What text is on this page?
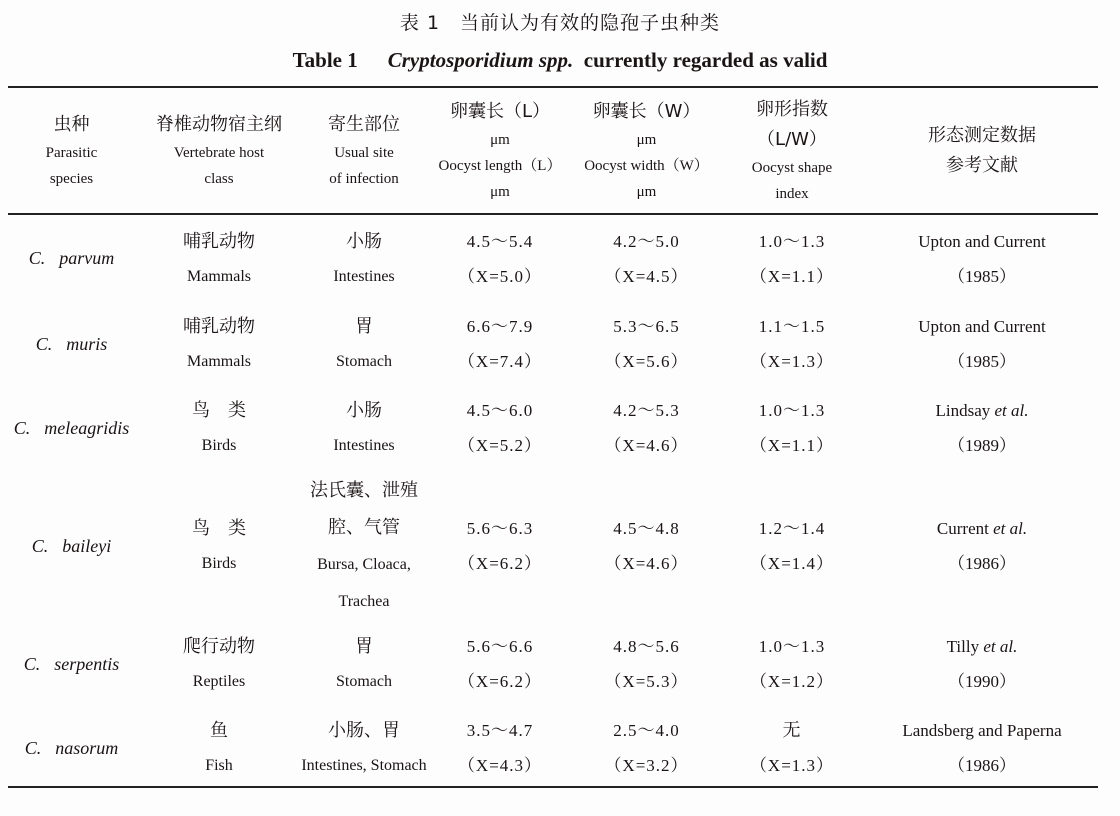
表 1　当前认为有效的隐孢子虫种类
Table 1 Cryptosporidium spp. currently regarded as valid
虫种
Parasitic
species
脊椎动物宿主纲
Vertebrate host
class
寄生部位
Usual site
of infection
卵囊长（L）
μm
Oocyst length（L）
μm
卵囊长（W）
μm
Oocyst width（W）
μm
卵形指数
（L/W）
Oocyst shape
index
形态测定数据
参考文献
C. parvum
哺乳动物
Mammals
小肠
Intestines
4.5～5.4
（X=5.0）
4.2～5.0
（X=4.5）
1.0～1.3
（X=1.1）
Upton and Current
（1985）
C. muris
哺乳动物
Mammals
胃
Stomach
6.6～7.9
（X=7.4）
5.3～6.5
（X=5.6）
1.1～1.5
（X=1.3）
Upton and Current
（1985）
C. meleagridis
鸟　类
Birds
小肠
Intestines
4.5～6.0
（X=5.2）
4.2～5.3
（X=4.6）
1.0～1.3
（X=1.1）
Lindsay et al.
（1989）
C. baileyi
鸟　类
Birds
法氏囊、泄殖
腔、气管
Bursa, Cloaca,
Trachea
5.6～6.3
（X=6.2）
4.5～4.8
（X=4.6）
1.2～1.4
（X=1.4）
Current et al.
（1986）
C. serpentis
爬行动物
Reptiles
胃
Stomach
5.6～6.6
（X=6.2）
4.8～5.6
（X=5.3）
1.0～1.3
（X=1.2）
Tilly et al.
（1990）
C. nasorum
鱼
Fish
小肠、胃
Intestines, Stomach
3.5～4.7
（X=4.3）
2.5～4.0
（X=3.2）
无
（X=1.3）
Landsberg and Paperna
（1986）
